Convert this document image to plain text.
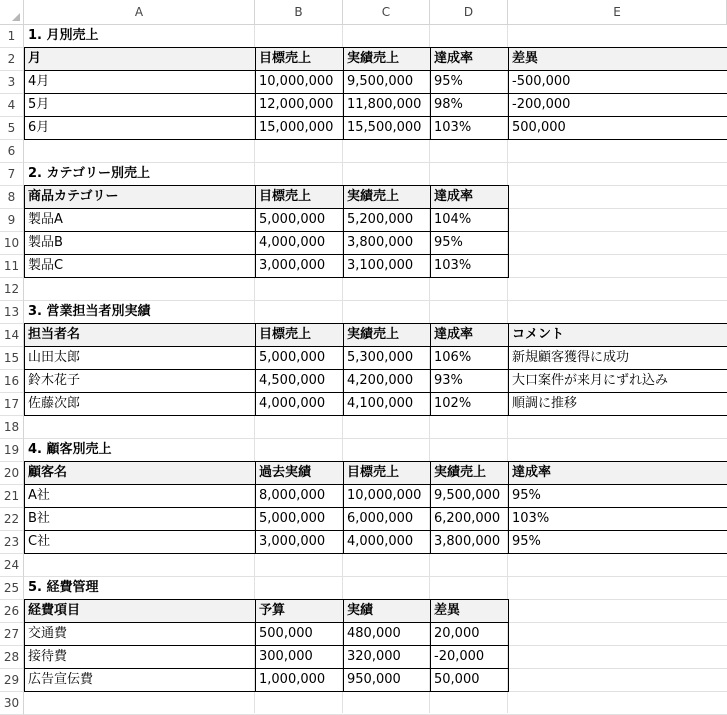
A	B	C	D	E
1
2
3
4
5
6
7
8
9
10
11
12
13
14
15
16
17
18
19
20
21
22
23
24
25
26
27
28
29
30
1. 月別売上
月	目標売上	実績売上	達成率	差異
4月	10,000,000	9,500,000	95%	-500,000
5月	12,000,000	11,800,000 98%	-200,000
6月	15,000,000	15,500,000 103%	500,000
2. カテゴリー別売上
商品カテゴリー	目標売上	実績売上	達成率
製品A	5,000,000	5,200,000	104%
製品B	4,000,000	3,800,000	95%
製品C	3,000,000	3,100,000	103%
3. 営業担当者別実績
担当者名	目標売上	実績売上	達成率	コメント
山田太郎	5,000,000	5,300,000	106%	新規顧客獲得に成功
鈴木花子	4,500,000	4,200,000	93%	大口案件が来月にずれ込み
佐藤次郎	4,000,000	4,100,000	102%	順調に推移
4. 顧客別売上
顧客名	過去実績	目標売上	実績売上	達成率
A社	8,000,000	10,000,000 9,500,000 95%
B社	5,000,000	6,000,000	6,200,000 103%
C社	3,000,000	4,000,000	3,800,000 95%
5. 経費管理
経費項目	予算	実績	差異
交通費	500,000	480,000	20,000
接待費	300,000	320,000	-20,000
広告宣伝費	1,000,000	950,000	50,000
